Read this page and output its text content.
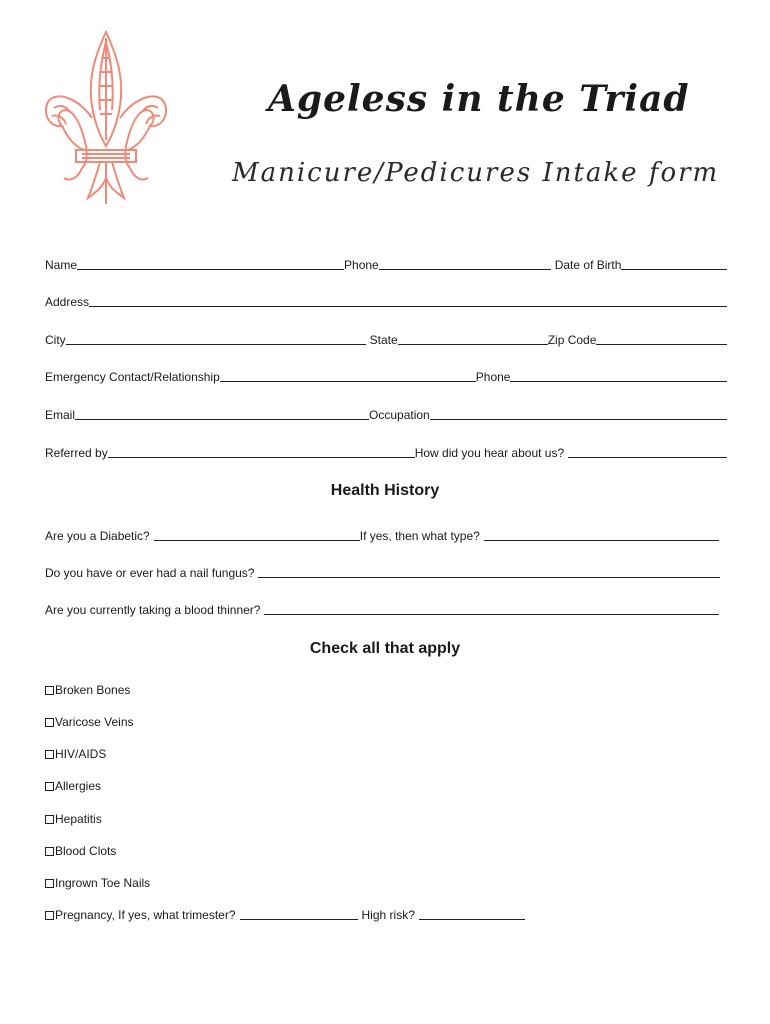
Ageless in the Triad
Manicure/Pedicures Intake form
Name	Phone	Date of Birth
Address
City	State	Zip Code
Emergency Contact/Relationship	Phone
Email	Occupation
Referred by	How did you hear about us?
Health History
Are you a Diabetic?	If yes, then what type?
Do you have or ever had a nail fungus?
Are you currently taking a blood thinner?
Check all that apply
Broken Bones
Varicose Veins
HIV/AIDS
Allergies
Hepatitis
Blood Clots
Ingrown Toe Nails
Pregnancy, If yes, what trimester?	High risk?
